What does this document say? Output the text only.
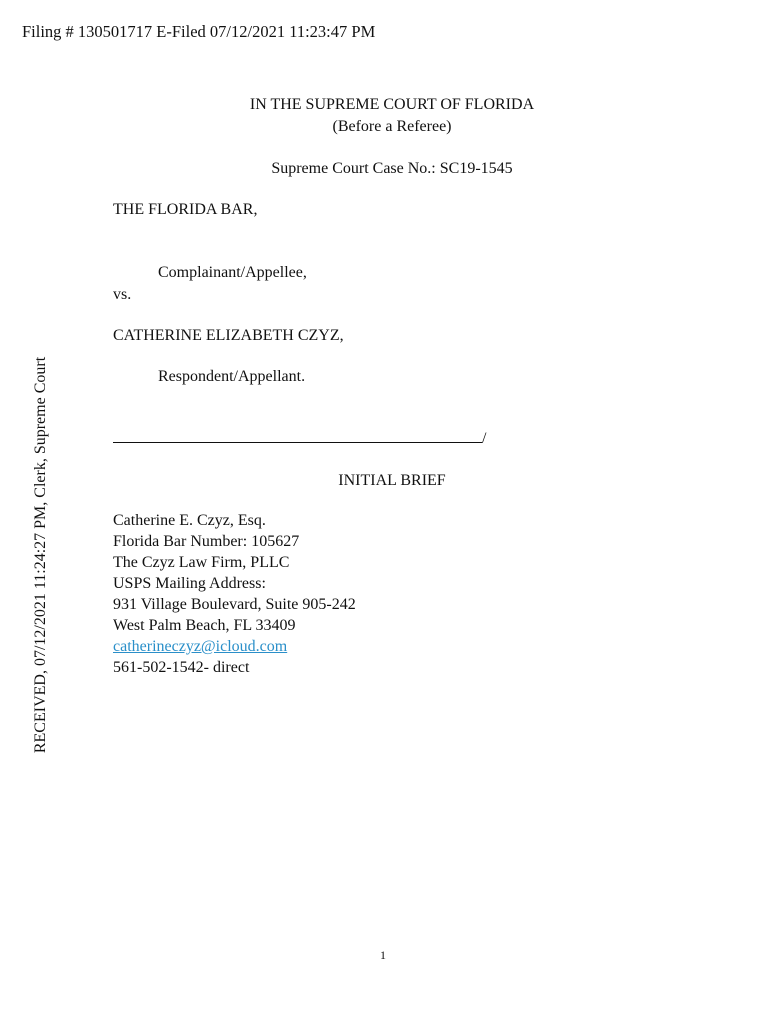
Filing # 130501717 E-Filed 07/12/2021 11:23:47 PM
RECEIVED, 07/12/2021 11:24:27 PM, Clerk, Supreme Court
IN THE SUPREME COURT OF FLORIDA
(Before a Referee)
Supreme Court Case No.: SC19-1545
THE FLORIDA BAR,
Complainant/Appellee,
vs.
CATHERINE ELIZABETH CZYZ,
Respondent/Appellant.
/
INITIAL BRIEF
Catherine E. Czyz, Esq.
Florida Bar Number: 105627
The Czyz Law Firm, PLLC
USPS Mailing Address:
931 Village Boulevard, Suite 905-242
West Palm Beach, FL 33409
catherineczyz@icloud.com
561-502-1542- direct
1
